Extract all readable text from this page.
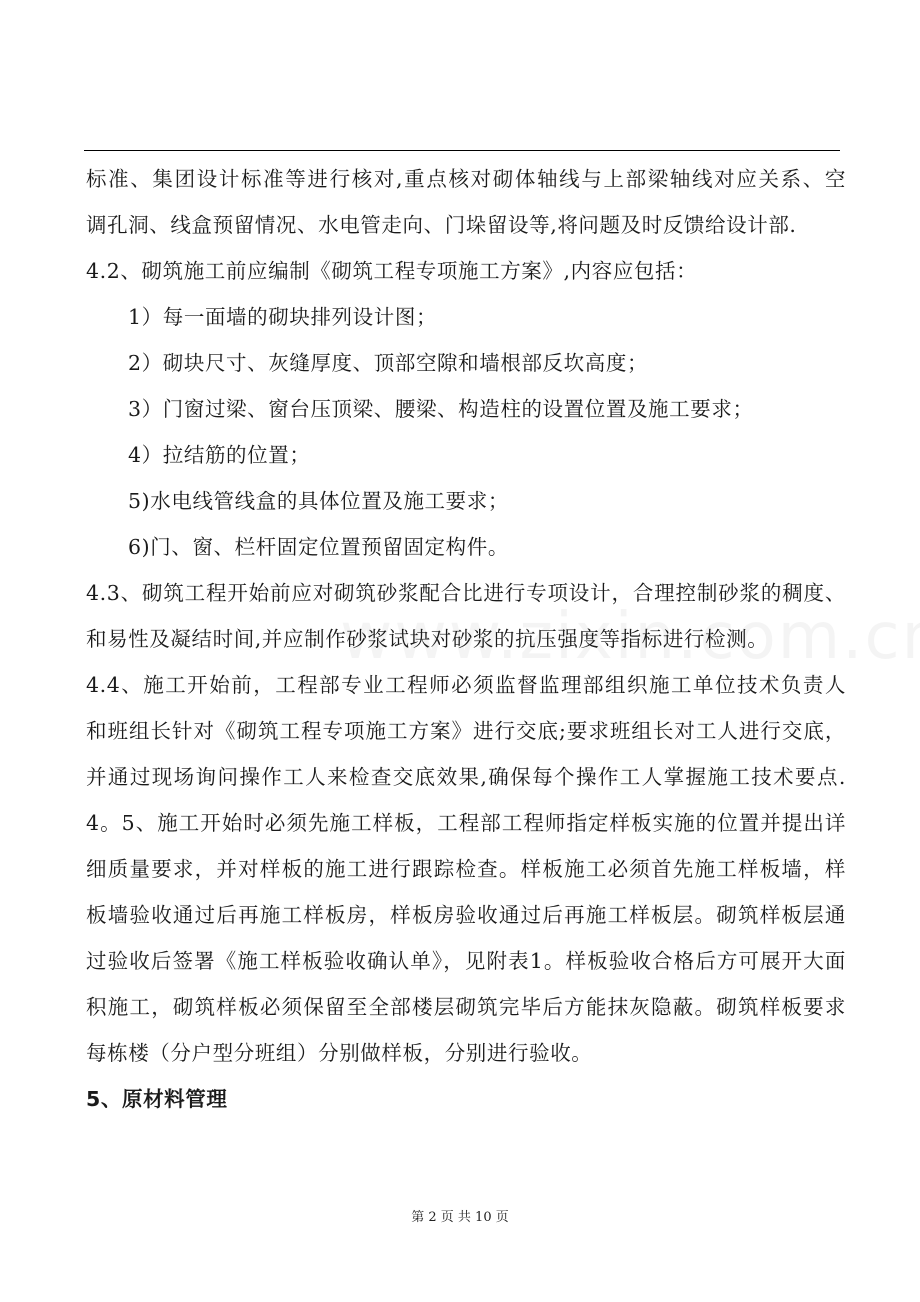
标准、集团设计标准等进行核对,重点核对砌体轴线与上部梁轴线对应关系、空
调孔洞、线盒预留情况、水电管走向、门垛留设等,将问题及时反馈给设计部.
4.2、砌筑施工前应编制《砌筑工程专项施工方案》,内容应包括：
1）每一面墙的砌块排列设计图；
2）砌块尺寸、灰缝厚度、顶部空隙和墙根部反坎高度；
3）门窗过梁、窗台压顶梁、腰梁、构造柱的设置位置及施工要求；
4）拉结筋的位置；
5)水电线管线盒的具体位置及施工要求；
6)门、窗、栏杆固定位置预留固定构件。
4.3、砌筑工程开始前应对砌筑砂浆配合比进行专项设计，合理控制砂浆的稠度、
和易性及凝结时间,并应制作砂浆试块对砂浆的抗压强度等指标进行检测。
4.4、施工开始前，工程部专业工程师必须监督监理部组织施工单位技术负责人
和班组长针对《砌筑工程专项施工方案》进行交底;要求班组长对工人进行交底，
并通过现场询问操作工人来检查交底效果,确保每个操作工人掌握施工技术要点.
4。5、施工开始时必须先施工样板，工程部工程师指定样板实施的位置并提出详
细质量要求，并对样板的施工进行跟踪检查。样板施工必须首先施工样板墙，样
板墙验收通过后再施工样板房，样板房验收通过后再施工样板层。砌筑样板层通
过验收后签署《施工样板验收确认单》，见附表1。样板验收合格后方可展开大面
积施工，砌筑样板必须保留至全部楼层砌筑完毕后方能抹灰隐蔽。砌筑样板要求
每栋楼（分户型分班组）分别做样板，分别进行验收。
5、原材料管理
第 2 页 共 10 页
